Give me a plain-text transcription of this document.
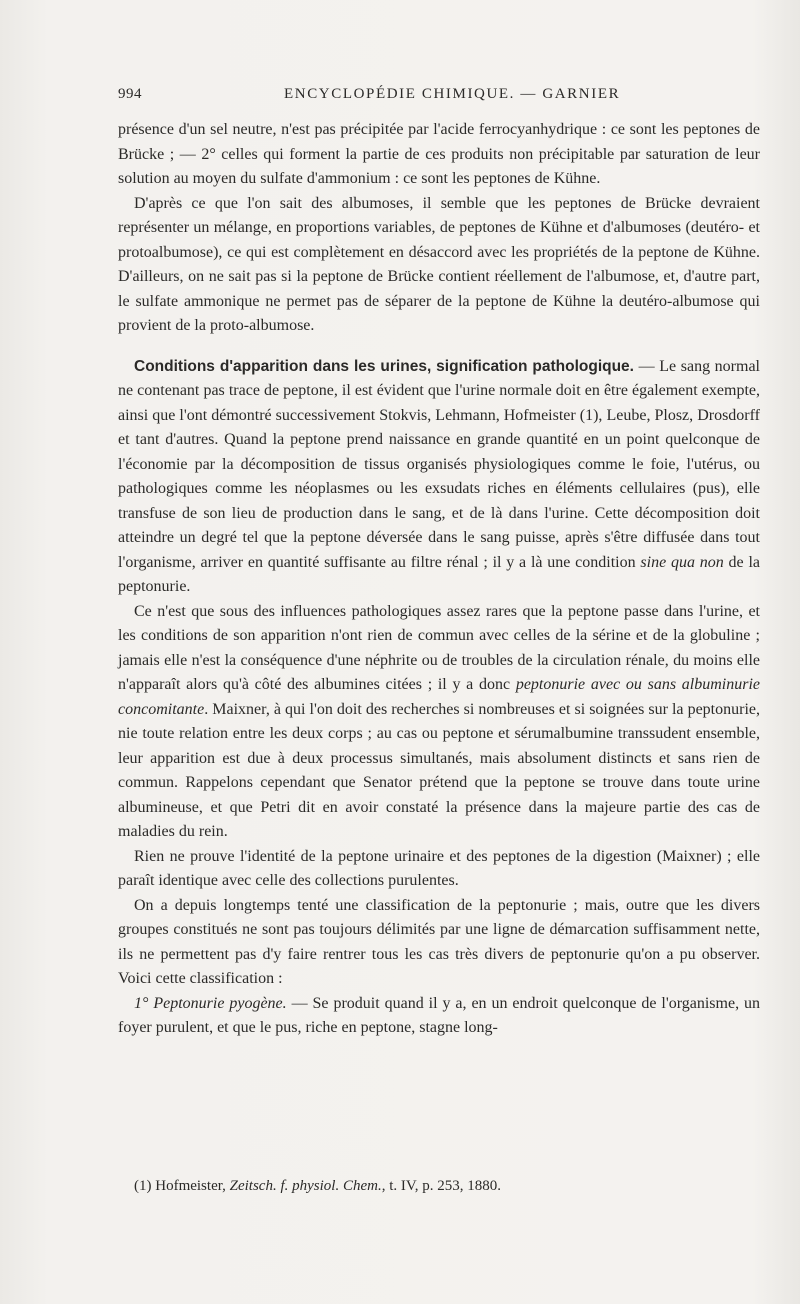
994	ENCYCLOPÉDIE CHIMIQUE. — GARNIER

présence d'un sel neutre, n'est pas précipitée par l'acide ferrocyanhydrique : ce sont les peptones de Brücke ; — 2° celles qui forment la partie de ces produits non précipitable par saturation de leur solution au moyen du sulfate d'ammonium : ce sont les peptones de Kühne.

D'après ce que l'on sait des albumoses, il semble que les peptones de Brücke devraient représenter un mélange, en proportions variables, de peptones de Kühne et d'albumoses (deutéro- et protoalbumose), ce qui est complètement en désaccord avec les propriétés de la peptone de Kühne. D'ailleurs, on ne sait pas si la peptone de Brücke contient réellement de l'albumose, et, d'autre part, le sulfate ammonique ne permet pas de séparer de la peptone de Kühne la deutéro-albumose qui provient de la proto-albumose.

Conditions d'apparition dans les urines, signification pathologique. — Le sang normal ne contenant pas trace de peptone, il est évident que l'urine normale doit en être également exempte, ainsi que l'ont démontré successivement Stokvis, Lehmann, Hofmeister (1), Leube, Plosz, Drosdorff et tant d'autres. Quand la peptone prend naissance en grande quantité en un point quelconque de l'économie par la décomposition de tissus organisés physiologiques comme le foie, l'utérus, ou pathologiques comme les néoplasmes ou les exsudats riches en éléments cellulaires (pus), elle transfuse de son lieu de production dans le sang, et de là dans l'urine. Cette décomposition doit atteindre un degré tel que la peptone déversée dans le sang puisse, après s'être diffusée dans tout l'organisme, arriver en quantité suffisante au filtre rénal ; il y a là une condition sine qua non de la peptonurie.

Ce n'est que sous des influences pathologiques assez rares que la peptone passe dans l'urine, et les conditions de son apparition n'ont rien de commun avec celles de la sérine et de la globuline ; jamais elle n'est la conséquence d'une néphrite ou de troubles de la circulation rénale, du moins elle n'apparaît alors qu'à côté des albumines citées ; il y a donc peptonurie avec ou sans albuminurie concomitante. Maixner, à qui l'on doit des recherches si nombreuses et si soignées sur la peptonurie, nie toute relation entre les deux corps ; au cas ou peptone et sérumalbumine transsudent ensemble, leur apparition est due à deux processus simultanés, mais absolument distincts et sans rien de commun. Rappelons cependant que Senator prétend que la peptone se trouve dans toute urine albumineuse, et que Petri dit en avoir constaté la présence dans la majeure partie des cas de maladies du rein.

Rien ne prouve l'identité de la peptone urinaire et des peptones de la digestion (Maixner) ; elle paraît identique avec celle des collections purulentes.

On a depuis longtemps tenté une classification de la peptonurie ; mais, outre que les divers groupes constitués ne sont pas toujours délimités par une ligne de démarcation suffisamment nette, ils ne permettent pas d'y faire rentrer tous les cas très divers de peptonurie qu'on a pu observer. Voici cette classification :

1° Peptonurie pyogène. — Se produit quand il y a, en un endroit quelconque de l'organisme, un foyer purulent, et que le pus, riche en peptone, stagne long-

(1) Hofmeister, Zeitsch. f. physiol. Chem., t. IV, p. 253, 1880.
